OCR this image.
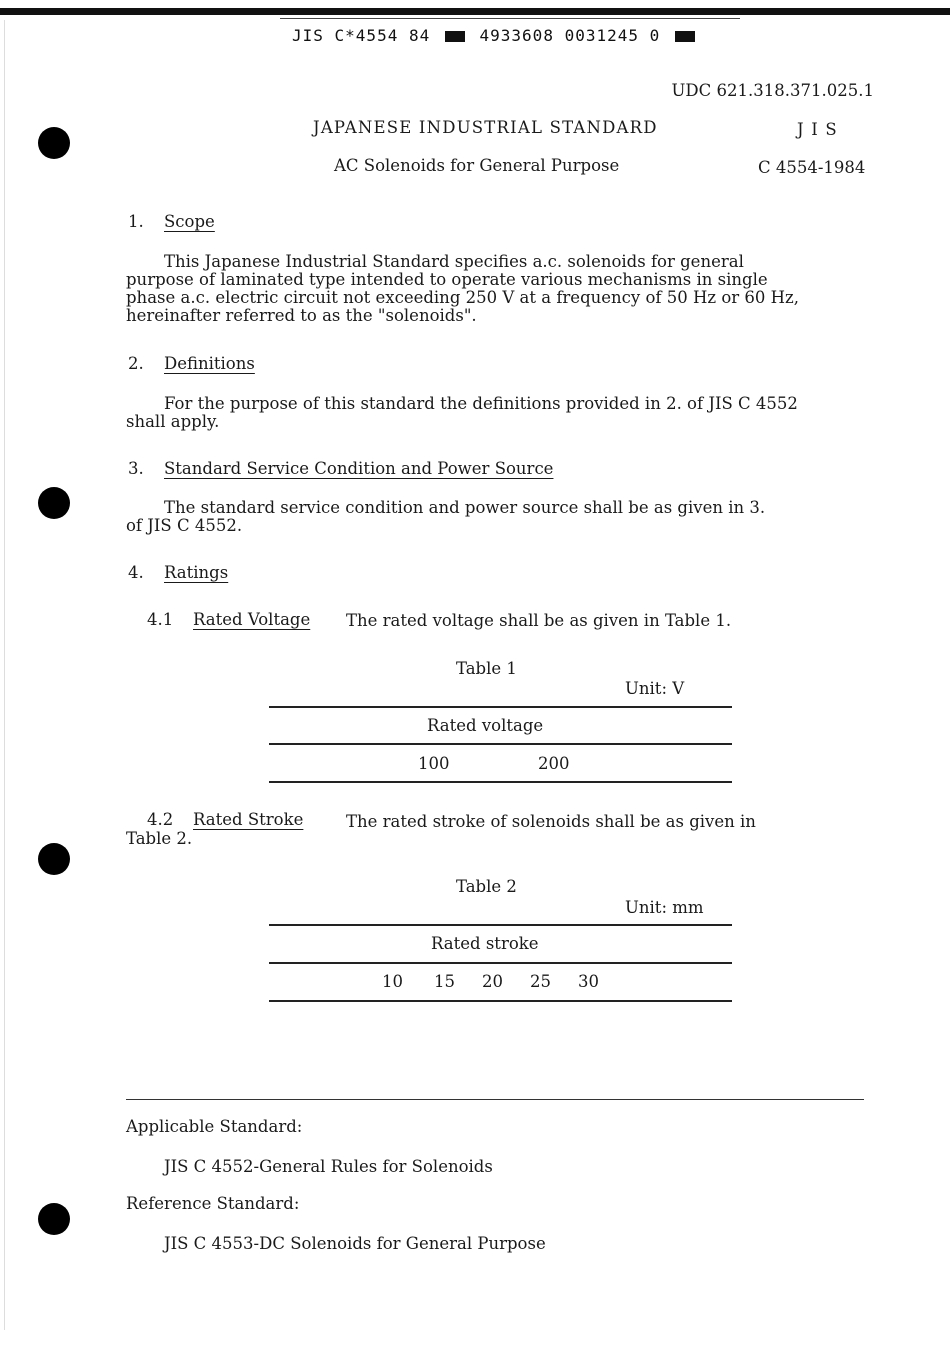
JIS C*4554 84	4933608 0031245 0
UDC 621.318.371.025.1
JAPANESE INDUSTRIAL STANDARD	J I S
AC Solenoids for General Purpose	C 4554-1984
1. Scope
This Japanese Industrial Standard specifies a.c. solenoids for general
purpose of laminated type intended to operate various mechanisms in single
phase a.c. electric circuit not exceeding 250 V at a frequency of 50 Hz or 60 Hz,
hereinafter referred to as the "solenoids".
2. Definitions
For the purpose of this standard the definitions provided in 2. of JIS C 4552
shall apply.
3. Standard Service Condition and Power Source
The standard service condition and power source shall be as given in 3.
of JIS C 4552.
4. Ratings
4.1 Rated Voltage The rated voltage shall be as given in Table 1.
Table 1
Unit: V
Rated voltage
100	200
4.2 Rated Stroke	The rated stroke of solenoids shall be as given in
Table 2.
Table 2
Unit: mm
Rated stroke
10 15 20 25 30
Applicable Standard:
JIS C 4552-General Rules for Solenoids
Reference Standard:
JIS C 4553-DC Solenoids for General Purpose
